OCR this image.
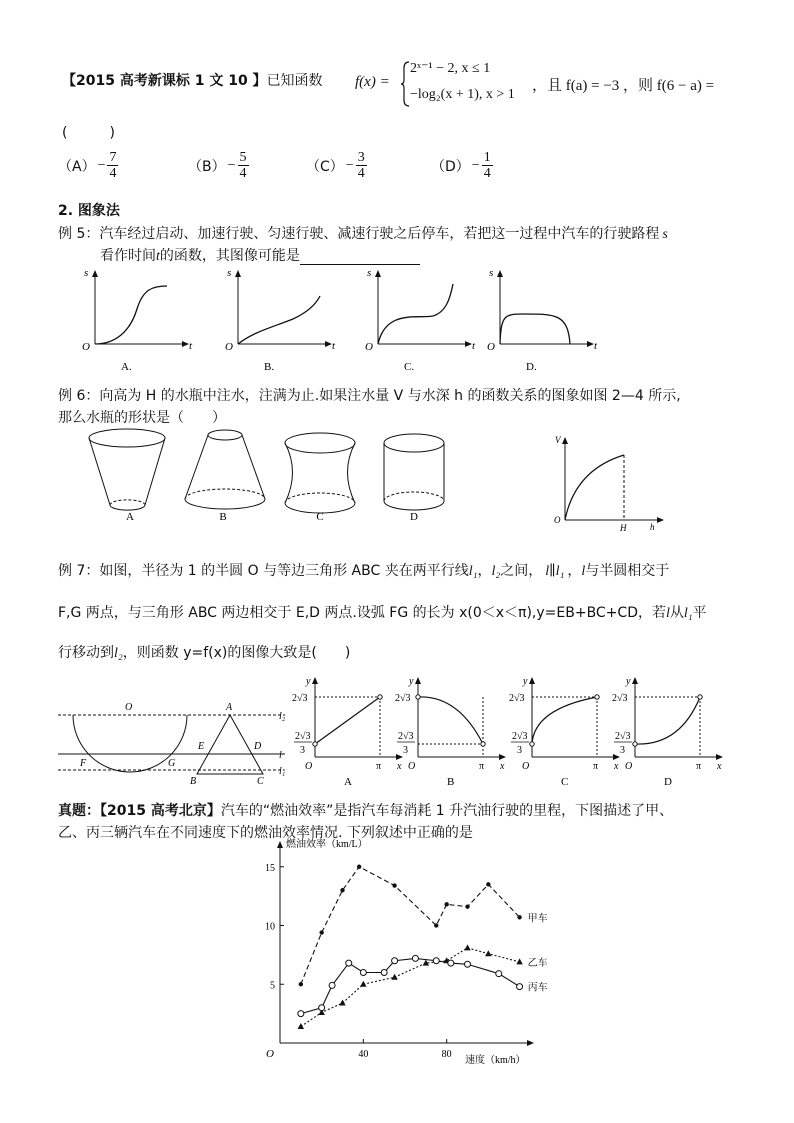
【2015 高考新课标 1 文 10 】已知函数 f(x) =
2ˣ⁻¹ − 2, x ≤ 1
−log₂(x + 1), x > 1
，且 f(a) = −3 ，则 f(6 − a) =
(　　　)
$(A) - \frac{7}{4}$	$(B) - \frac{5}{4}$	$(C) - \frac{3}{4}$	$(D) - \frac{1}{4}$
2. 图象法
例 5：汽车经过启动、加速行驶、匀速行驶、减速行驶之后停车，若把这一过程中汽车的行驶路程 s
看作时间t的函数，其图像可能是
s
t
O
A.
s
t
O
B.
s
t
O
C.
s
t
O
D.
例 6：向高为 H 的水瓶中注水，注满为止.如果注水量 V 与水深 h 的函数关系的图象如图 2—4 所示,
那么水瓶的形状是（　　）
A	B	C	D
V
h
O
H
例 7：如图，半径为 1 的半圆 O 与等边三角形 ABC 夹在两平行线l₁，l₂之间， l∥l₁ ，l与半圆相交于
F,G 两点，与三角形 ABC 两边相交于 E,D 两点.设弧 FG 的长为 x(0＜x＜π),y=EB+BC+CD，若l从l₁平
行移动到l₂，则函数 y=f(x)的图像大致是(　　)
O	A
E	D
F	G
B	C
l₂
l
l₁
2√3
2√3
3
y
x
O	π
A
2√3
2√3
3
y
x
O	π
B
2√3
2√3
3
y
x
O	π
C
2√3
2√3
3
y
x
O	π
D
真题：【2015 高考北京】汽车的“燃油效率”是指汽车每消耗 1 升汽油行驶的里程，下图描述了甲、
乙、丙三辆汽车在不同速度下的燃油效率情况. 下列叙述中正确的是
燃油效率（km/L）
速度（km/h）
O
5
10
15
40	80
甲车
乙车
丙车
